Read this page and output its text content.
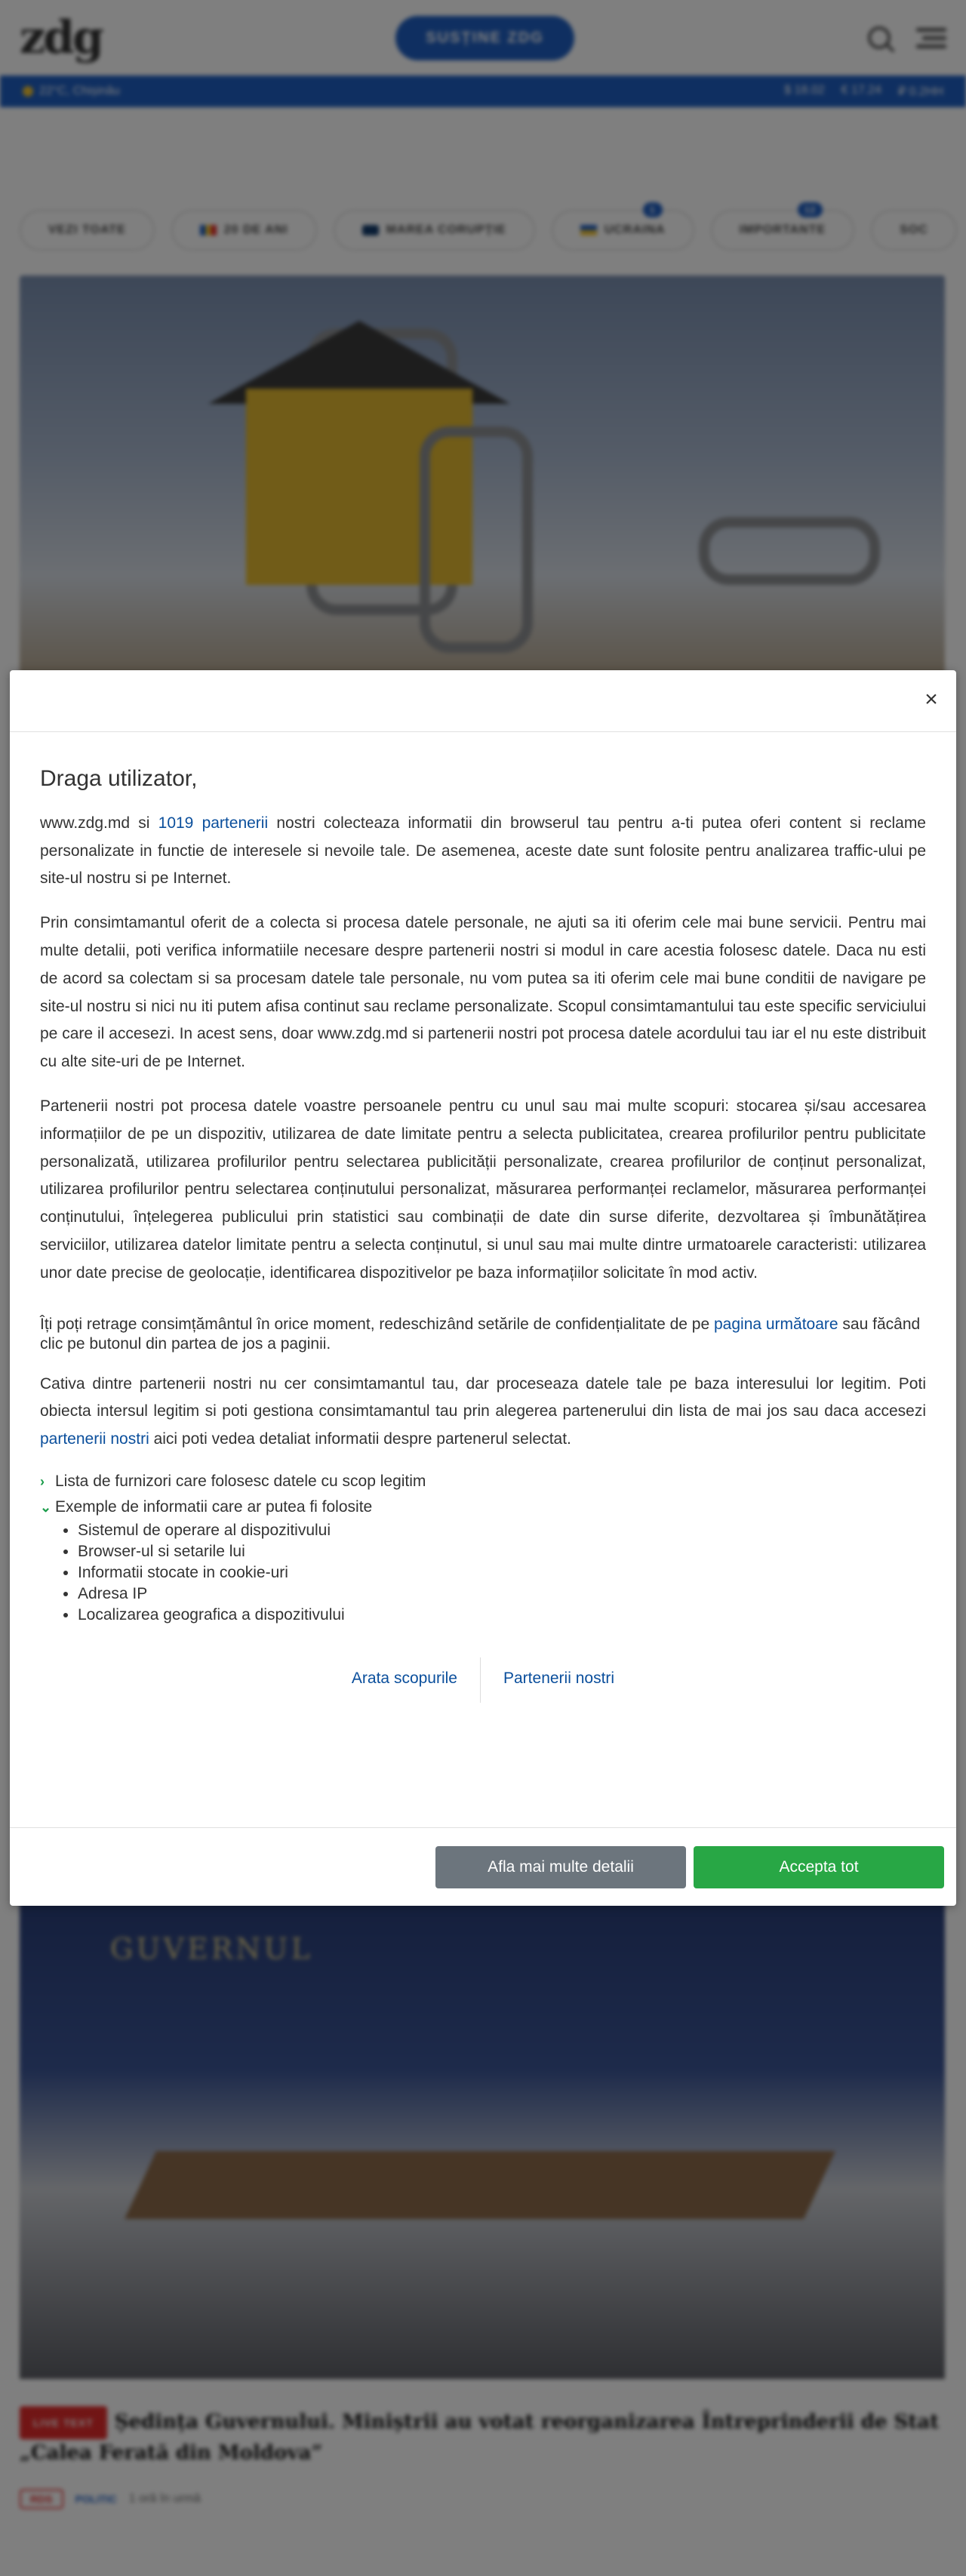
×
Draga utilizator,

www.zdg.md si 1019 partenerii nostri colecteaza informatii din browserul tau pentru a-ti putea oferi content si reclame personalizate in functie de interesele si nevoile tale. De asemenea, aceste date sunt folosite pentru analizarea traffic-ului pe site-ul nostru si pe Internet.

Prin consimtamantul oferit de a colecta si procesa datele personale, ne ajuti sa iti oferim cele mai bune servicii. Pentru mai multe detalii, poti verifica informatiile necesare despre partenerii nostri si modul in care acestia folosesc datele. Daca nu esti de acord sa colectam si sa procesam datele tale personale, nu vom putea sa iti oferim cele mai bune conditii de navigare pe site-ul nostru si nici nu iti putem afisa continut sau reclame personalizate. Scopul consimtamantului tau este specific serviciului pe care il accesezi. In acest sens, doar www.zdg.md si partenerii nostri pot procesa datele acordului tau iar el nu este distribuit cu alte site-uri de pe Internet.

Partenerii nostri pot procesa datele voastre persoanele pentru cu unul sau mai multe scopuri: stocarea și/sau accesarea informațiilor de pe un dispozitiv, utilizarea de date limitate pentru a selecta publicitatea, crearea profilurilor pentru publicitate personalizată, utilizarea profilurilor pentru selectarea publicității personalizate, crearea profilurilor de conținut personalizat, utilizarea profilurilor pentru selectarea conținutului personalizat, măsurarea performanței reclamelor, măsurarea performanței conținutului, înțelegerea publicului prin statistici sau combinații de date din surse diferite, dezvoltarea și îmbunătățirea serviciilor, utilizarea datelor limitate pentru a selecta conținutul, si unul sau mai multe dintre urmatoarele caracteristi: utilizarea unor date precise de geolocație, identificarea dispozitivelor pe baza informațiilor solicitate în mod activ.

Îți poți retrage consimțământul în orice moment, redeschizând setările de confidențialitate de pe pagina următoare sau făcând clic pe butonul din partea de jos a paginii.

Cativa dintre partenerii nostri nu cer consimtamantul tau, dar proceseaza datele tale pe baza interesului lor legitim. Poti obiecta intersul legitim si poti gestiona consimtamantul tau prin alegerea partenerului din lista de mai jos sau daca accesezi partenerii nostri aici poti vedea detaliat informatii despre partenerul selectat.

› Lista de furnizori care folosesc datele cu scop legitim
⌄ Exemple de informatii care ar putea fi folosite
• Sistemul de operare al dispozitivului
• Browser-ul si setarile lui
• Informatii stocate in cookie-uri
• Adresa IP
• Localizarea geografica a dispozitivului
Arata scopurile	Partenerii nostri
Afla mai multe detalii	Accepta tot
